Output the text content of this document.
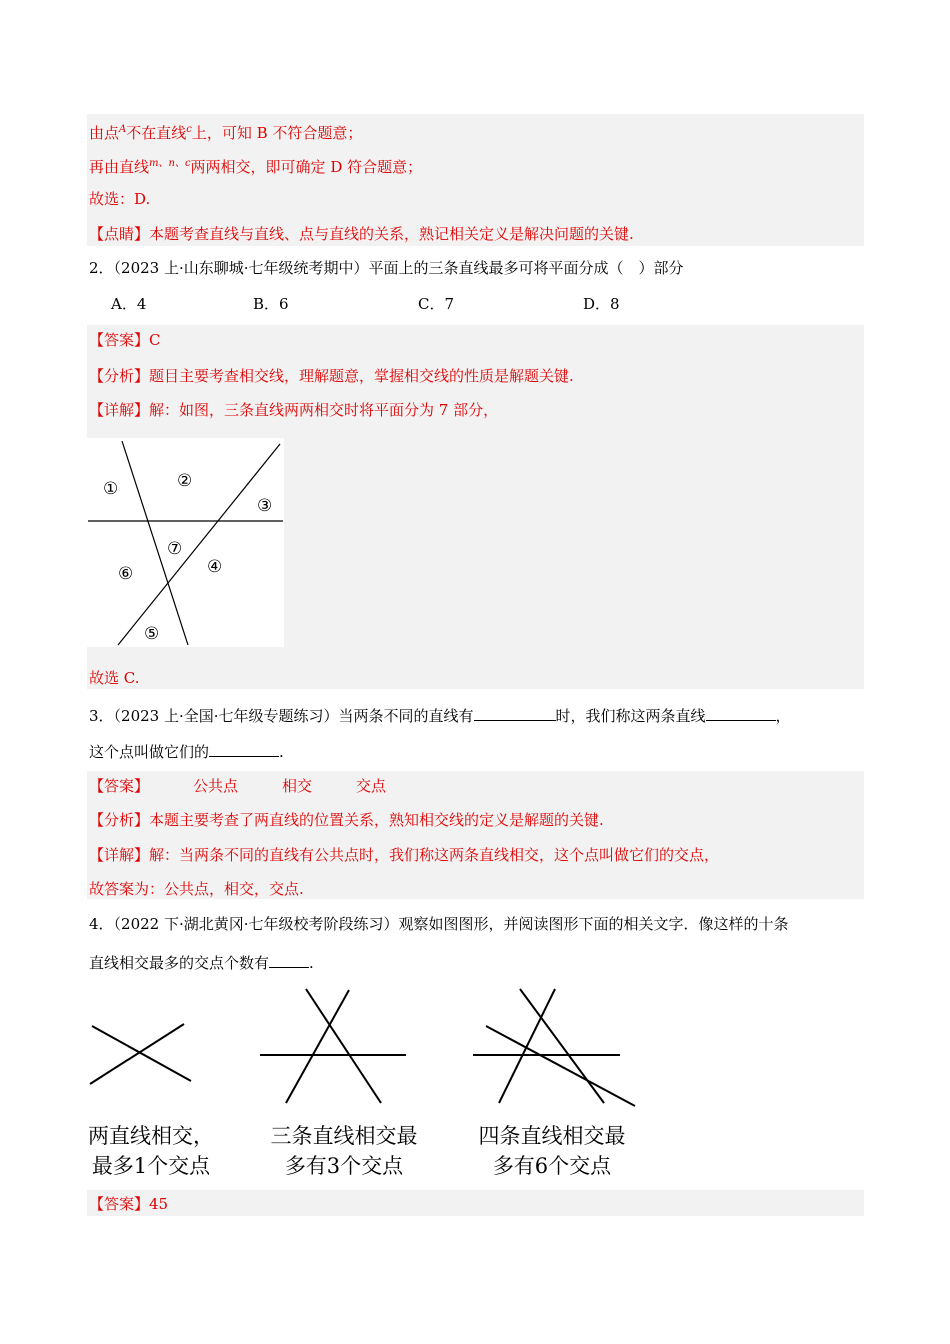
由点$^A$不在直线$^c$上，可知 B 不符合题意；
再由直线$^{m、n、c}$两两相交，即可确定 D 符合题意；
故选：D.
【点睛】本题考查直线与直线、点与直线的关系，熟记相关定义是解决问题的关键.
2．（2023 上·山东聊城·七年级统考期中）平面上的三条直线最多可将平面分成（　）部分
A．4	B．6	C．7	D．8
【答案】C
【分析】题目主要考查相交线，理解题意，掌握相交线的性质是解题关键.
【详解】解：如图，三条直线两两相交时将平面分为 7 部分，
①	②
③
④
⑤
⑥
⑦
故选 C.
3．（2023 上·全国·七年级专题练习）当两条不同的直线有	时，我们称这两条直线	，
这个点叫做它们的	.
【答案】	公共点	相交	交点
【分析】本题主要考查了两直线的位置关系，熟知相交线的定义是解题的关键.
【详解】解：当两条不同的直线有公共点时，我们称这两条直线相交，这个点叫做它们的交点，
故答案为：公共点，相交，交点.
4．（2022 下·湖北黄冈·七年级校考阶段练习）观察如图图形，并阅读图形下面的相关文字．像这样的十条
直线相交最多的交点个数有	.
两直线相交，
最多1个交点
三条直线相交最
多有3个交点
四条直线相交最
多有6个交点
【答案】45
